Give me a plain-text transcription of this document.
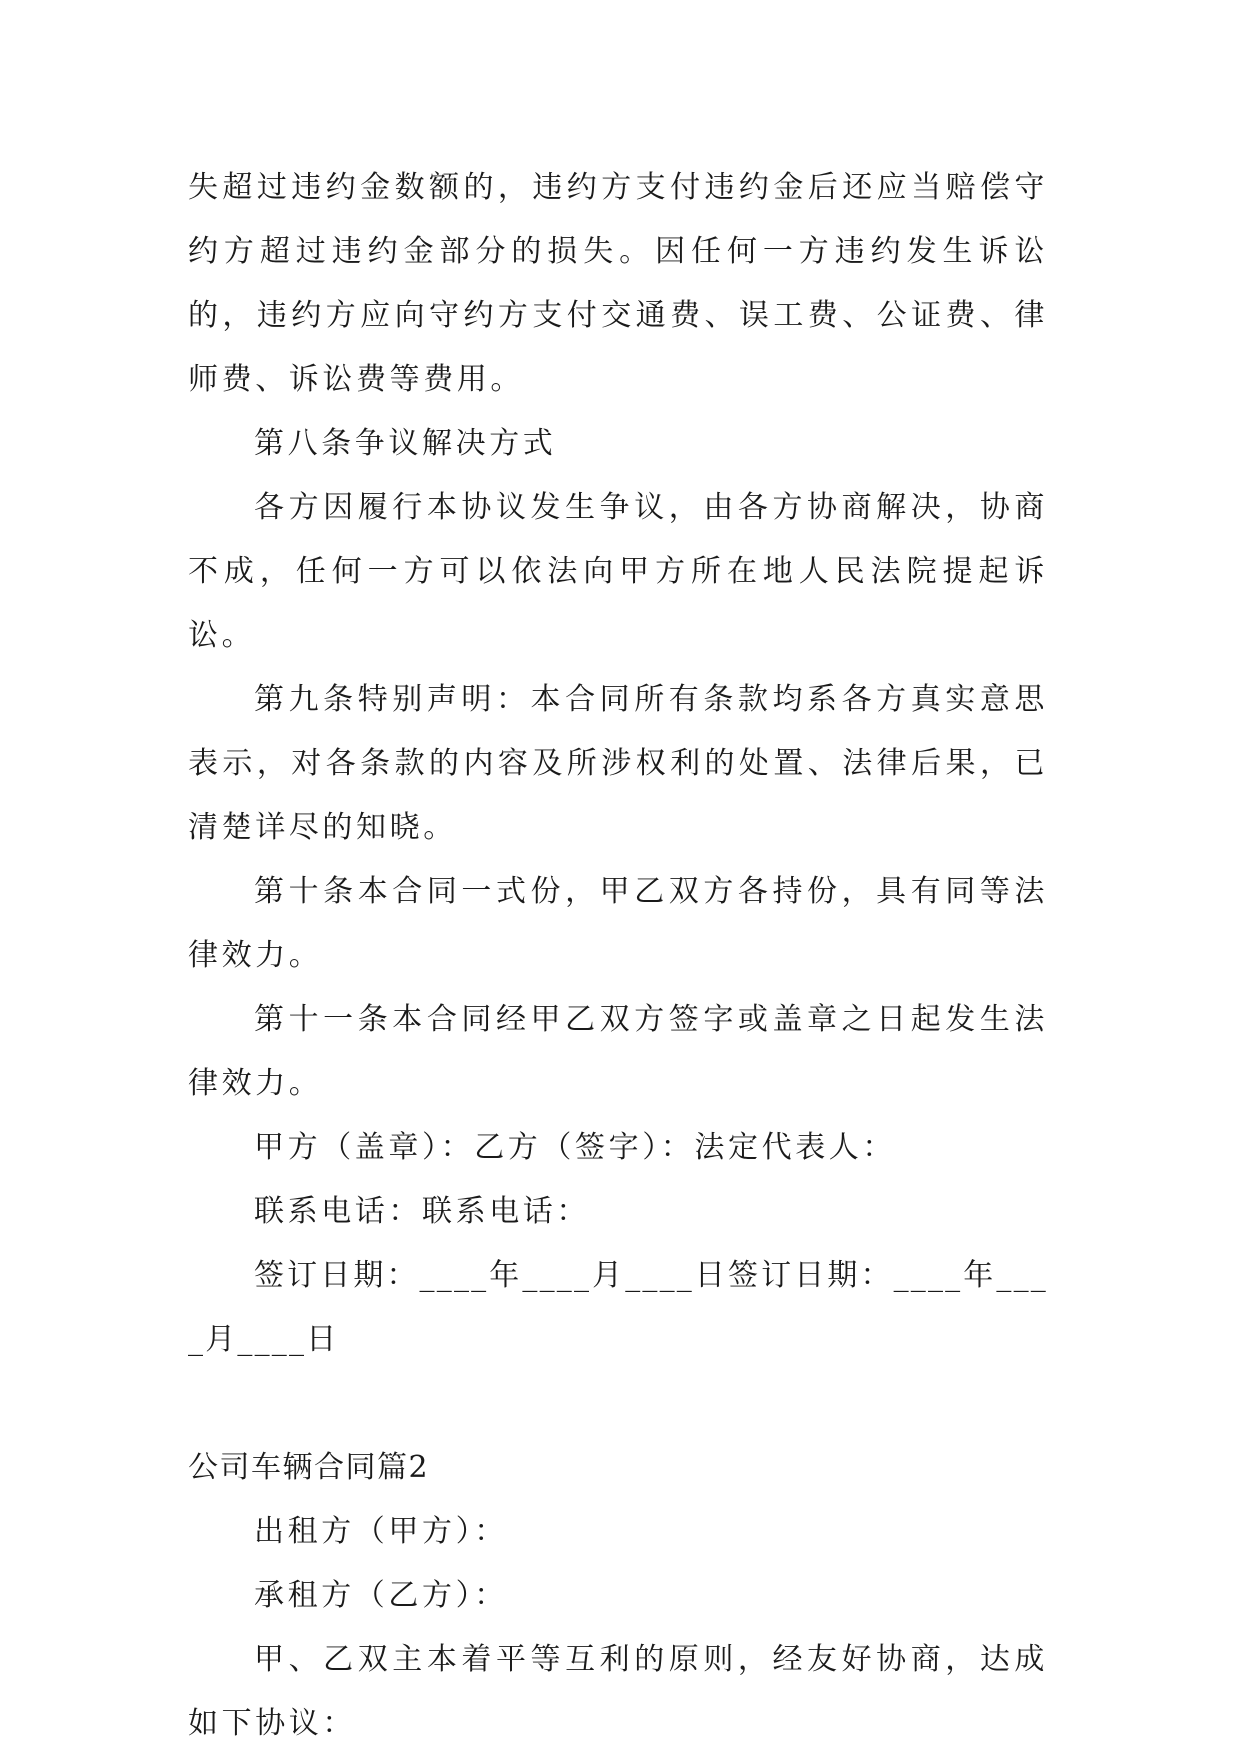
失超过违约金数额的，违约方支付违约金后还应当赔偿守约方超过违约金部分的损失。因任何一方违约发生诉讼的，违约方应向守约方支付交通费、误工费、公证费、律师费、诉讼费等费用。

第八条争议解决方式

各方因履行本协议发生争议，由各方协商解决，协商不成，任何一方可以依法向甲方所在地人民法院提起诉讼。

第九条特别声明：本合同所有条款均系各方真实意思表示，对各条款的内容及所涉权利的处置、法律后果，已清楚详尽的知晓。

第十条本合同一式份，甲乙双方各持份，具有同等法律效力。

第十一条本合同经甲乙双方签字或盖章之日起发生法律效力。

甲方（盖章）：乙方（签字）：法定代表人：

联系电话：联系电话：

签订日期：____年____月____日签订日期：____年____月____日

公司车辆合同篇2

出租方（甲方）：

承租方（乙方）：

甲、乙双主本着平等互利的原则，经友好协商，达成如下协议：
